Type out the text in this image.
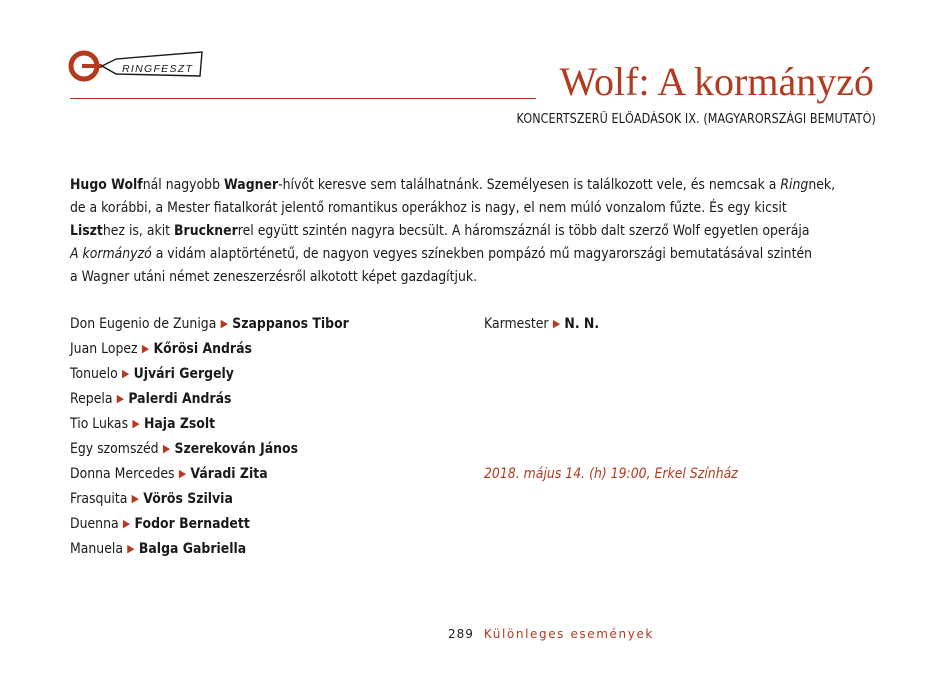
RINGFESZT	Wolf: A kormányzó
KONCERTSZERŰ ELŐADÁSOK IX. (MAGYARORSZÁGI BEMUTATÓ)

Hugo Wolfnál nagyobb Wagner-hívőt keresve sem találhatnánk. Személyesen is találkozott vele, és nemcsak a Ringnek,

de a korábbi, a Mester fiatalkorát jelentő romantikus operákhoz is nagy, el nem múló vonzalom fűzte. És egy kicsit

Liszthez is, akit Brucknerrel együtt szintén nagyra becsült. A háromszáznál is több dalt szerző Wolf egyetlen operája

A kormányzó a vidám alaptörténetű, de nagyon vegyes színekben pompázó mű magyarországi bemutatásával szintén

a Wagner utáni német zeneszerzésről alkotott képet gazdagítjuk.

Don Eugenio de Zuniga ▶ Szappanos Tibor
Juan Lopez ▶ Kőrösi András
Tonuelo ▶ Ujvári Gergely
Repela ▶ Palerdi András
Tio Lukas ▶ Haja Zsolt
Egy szomszéd ▶ Szerekován János
Donna Mercedes ▶ Váradi Zita
Frasquita ▶ Vörös Szilvia
Duenna ▶ Fodor Bernadett
Manuela ▶ Balga Gabriella
Karmester ▶ N. N.
2018. május 14. (h) 19:00, Erkel Színház
289 Különleges események
